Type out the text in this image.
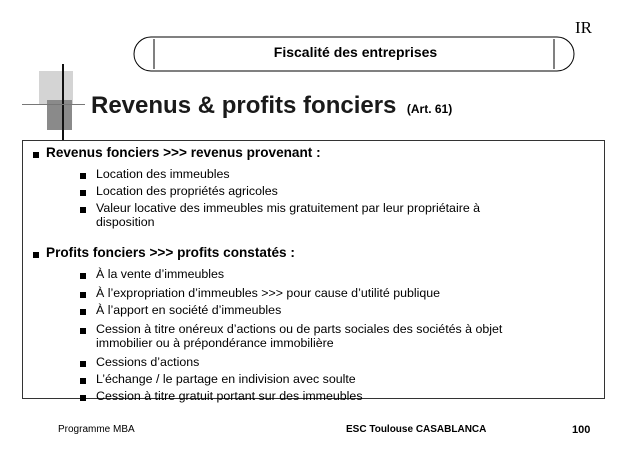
Fiscalité des entreprises
IR
Revenus & profits fonciers (Art. 61)
Revenus fonciers >>> revenus provenant :
Location des immeubles
Location des propriétés agricoles
Valeur locative des immeubles mis gratuitement par leur propriétaire à
disposition
Profits fonciers >>> profits constatés :
À la vente d’immeubles
À l’expropriation d’immeubles >>> pour cause d’utilité publique
À l’apport en société d’immeubles
Cession à titre onéreux d’actions ou de parts sociales des sociétés à objet
immobilier ou à prépondérance immobilière
Cessions d’actions
L’échange / le partage en indivision avec soulte
Cession à titre gratuit portant sur des immeubles
Programme MBA	ESC Toulouse CASABLANCA	100
